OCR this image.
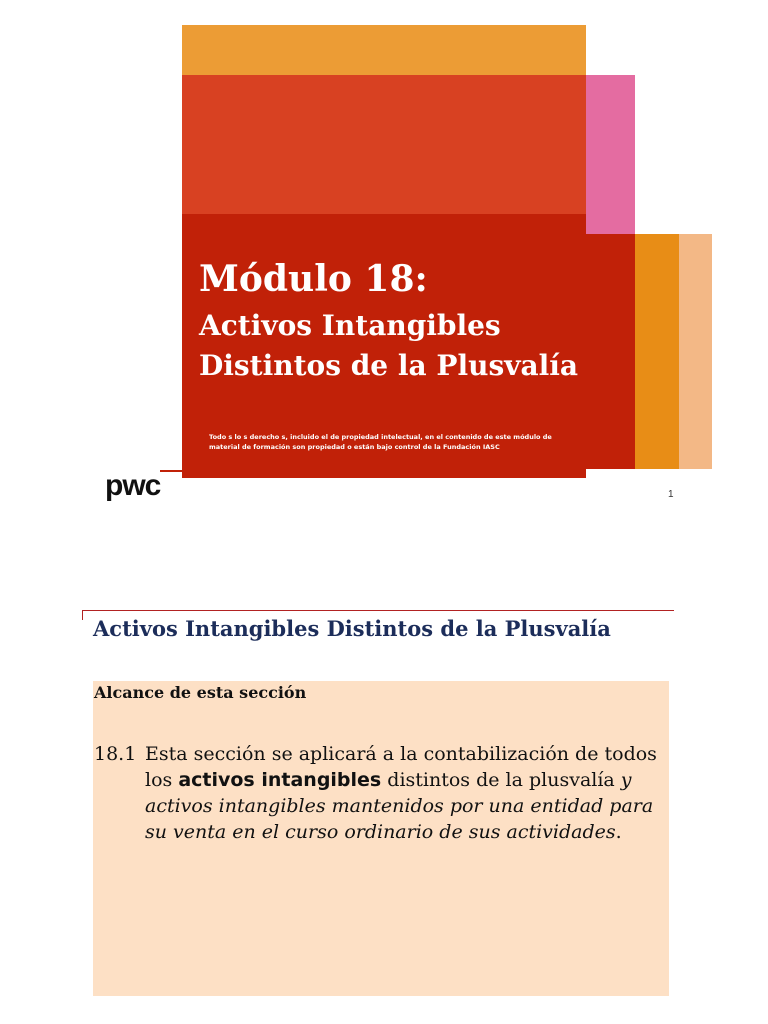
Módulo 18:
Activos Intangibles Distintos de la Plusvalía
Todo s lo s derecho s, incluido el de propiedad intelectual, en el contenido de este módulo de material de formación son propiedad o están bajo control de la Fundación IASC
pwc	1
Activos Intangibles Distintos de la Plusvalía
Alcance de esta sección
18.1 Esta sección se aplicará a la contabilización de todos los activos intangibles distintos de la plusvalía y activos intangibles mantenidos por una entidad para su venta en el curso ordinario de sus actividades.
